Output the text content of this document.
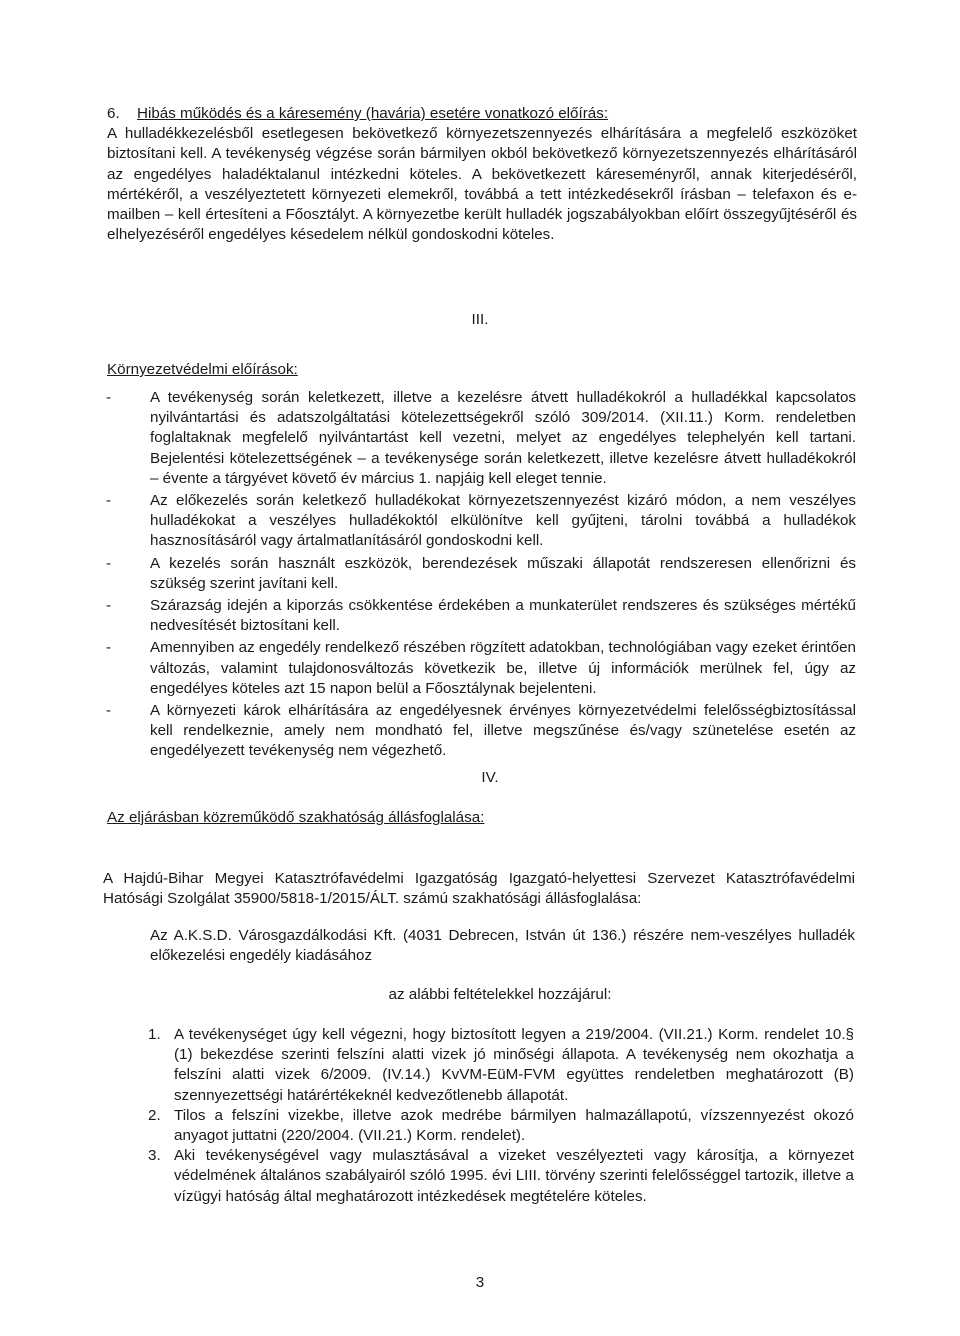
6.	Hibás működés és a káresemény (havária) esetére vonatkozó előírás:
A hulladékkezelésből esetlegesen bekövetkező környezetszennyezés elhárítására a megfelelő eszközöket biztosítani kell. A tevékenység végzése során bármilyen okból bekövetkező környezetszennyezés elhárításáról az engedélyes haladéktalanul intézkedni köteles. A bekövetkezett káreseményről, annak kiterjedéséről, mértékéről, a veszélyeztetett környezeti elemekről, továbbá a tett intézkedésekről írásban – telefaxon és e-mailben – kell értesíteni a Főosztályt. A környezetbe került hulladék jogszabályokban előírt összegyűjtéséről és elhelyezéséről engedélyes késedelem nélkül gondoskodni köteles.
III.
Környezetvédelmi előírások:
-	A tevékenység során keletkezett, illetve a kezelésre átvett hulladékokról a hulladékkal kapcsolatos nyilvántartási és adatszolgáltatási kötelezettségekről szóló 309/2014. (XII.11.) Korm. rendeletben foglaltaknak megfelelő nyilvántartást kell vezetni, melyet az engedélyes telephelyén kell tartani. Bejelentési kötelezettségének – a tevékenysége során keletkezett, illetve kezelésre átvett hulladékokról – évente a tárgyévet követő év március 1. napjáig kell eleget tennie.
-	Az előkezelés során keletkező hulladékokat környezetszennyezést kizáró módon, a nem veszélyes hulladékokat a veszélyes hulladékoktól elkülönítve kell gyűjteni, tárolni továbbá a hulladékok hasznosításáról vagy ártalmatlanításáról gondoskodni kell.
-	A kezelés során használt eszközök, berendezések műszaki állapotát rendszeresen ellenőrizni és szükség szerint javítani kell.
-	Szárazság idején a kiporzás csökkentése érdekében a munkaterület rendszeres és szükséges mértékű nedvesítését biztosítani kell.
-	Amennyiben az engedély rendelkező részében rögzített adatokban, technológiában vagy ezeket érintően változás, valamint tulajdonosváltozás következik be, illetve új információk merülnek fel, úgy az engedélyes köteles azt 15 napon belül a Főosztálynak bejelenteni.
-	A környezeti károk elhárítására az engedélyesnek érvényes környezetvédelmi felelősségbiztosítással kell rendelkeznie, amely nem mondható fel, illetve megszűnése és/vagy szünetelése esetén az engedélyezett tevékenység nem végezhető.
IV.
Az eljárásban közreműködő szakhatóság állásfoglalása:
A Hajdú-Bihar Megyei Katasztrófavédelmi Igazgatóság Igazgató-helyettesi Szervezet Katasztrófavédelmi Hatósági Szolgálat 35900/5818-1/2015/ÁLT. számú szakhatósági állásfoglalása:
Az A.K.S.D. Városgazdálkodási Kft. (4031 Debrecen, István út 136.) részére nem-veszélyes hulladék előkezelési engedély kiadásához
az alábbi feltételekkel hozzájárul:
1. A tevékenységet úgy kell végezni, hogy biztosított legyen a 219/2004. (VII.21.) Korm. rendelet 10.§ (1) bekezdése szerinti felszíni alatti vizek jó minőségi állapota. A tevékenység nem okozhatja a felszíni alatti vizek 6/2009. (IV.14.) KvVM-EüM-FVM együttes rendeletben meghatározott (B) szennyezettségi határértékeknél kedvezőtlenebb állapotát.
2. Tilos a felszíni vizekbe, illetve azok medrébe bármilyen halmazállapotú, vízszennyezést okozó anyagot juttatni (220/2004. (VII.21.) Korm. rendelet).
3. Aki tevékenységével vagy mulasztásával a vizeket veszélyezteti vagy károsítja, a környezet védelmének általános szabályairól szóló 1995. évi LIII. törvény szerinti felelősséggel tartozik, illetve a vízügyi hatóság által meghatározott intézkedések megtételére köteles.
3
